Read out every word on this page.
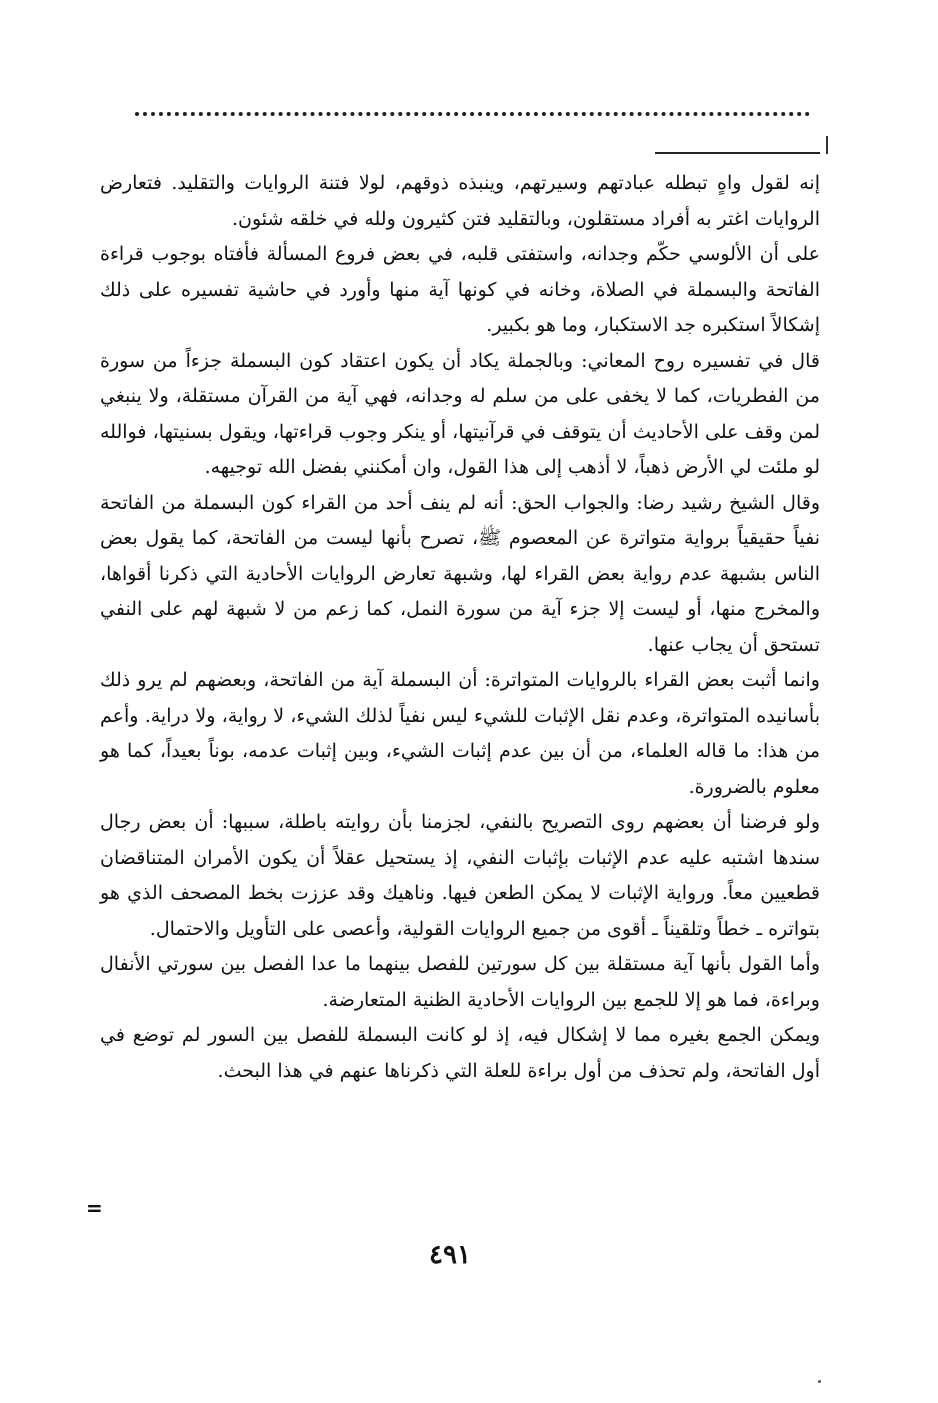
إنه لقول واهٍ تبطله عبادتهم وسيرتهم، وينبذه ذوقهم، لولا فتنة الروايات والتقليد. فتعارض الروايات اغتر به أفراد مستقلون، وبالتقليد فتن كثيرون ولله في خلقه شئون.

على أن الألوسي حكّم وجدانه، واستفتى قلبه، في بعض فروع المسألة فأفتاه بوجوب قراءة الفاتحة والبسملة في الصلاة، وخانه في كونها آية منها وأورد في حاشية تفسيره على ذلك إشكالاً استكبره جد الاستكبار، وما هو بكبير.

قال في تفسيره روح المعاني: وبالجملة يكاد أن يكون اعتقاد كون البسملة جزءاً من سورة من الفطريات، كما لا يخفى على من سلم له وجدانه، فهي آية من القرآن مستقلة، ولا ينبغي لمن وقف على الأحاديث أن يتوقف في قرآنيتها، أو ينكر وجوب قراءتها، ويقول بسنيتها، فوالله لو ملئت لي الأرض ذهباً، لا أذهب إلى هذا القول، وان أمكنني بفضل الله توجيهه.

وقال الشيخ رشيد رضا: والجواب الحق: أنه لم ينف أحد من القراء كون البسملة من الفاتحة نفياً حقيقياً برواية متواترة عن المعصوم ﷺ، تصرح بأنها ليست من الفاتحة، كما يقول بعض الناس بشبهة عدم رواية بعض القراء لها، وشبهة تعارض الروايات الأحادية التي ذكرنا أقواها، والمخرج منها، أو ليست إلا جزء آية من سورة النمل، كما زعم من لا شبهة لهم على النفي تستحق أن يجاب عنها.

وانما أثبت بعض القراء بالروايات المتواترة: أن البسملة آية من الفاتحة، وبعضهم لم يرو ذلك بأسانيده المتواترة، وعدم نقل الإثبات للشيء ليس نفياً لذلك الشيء، لا رواية، ولا دراية. وأعم من هذا: ما قاله العلماء، من أن بين عدم إثبات الشيء، وبين إثبات عدمه، بوناً بعيداً، كما هو معلوم بالضرورة.

ولو فرضنا أن بعضهم روى التصريح بالنفي، لجزمنا بأن روايته باطلة، سببها: أن بعض رجال سندها اشتبه عليه عدم الإثبات بإثبات النفي، إذ يستحيل عقلاً أن يكون الأمران المتناقضان قطعيين معاً. ورواية الإثبات لا يمكن الطعن فيها. وناهيك وقد عززت بخط المصحف الذي هو بتواتره ـ خطاً وتلقيناً ـ أقوى من جميع الروايات القولية، وأعصى على التأويل والاحتمال.

وأما القول بأنها آية مستقلة بين كل سورتين للفصل بينهما ما عدا الفصل بين سورتي الأنفال وبراءة، فما هو إلا للجمع بين الروايات الأحادية الظنية المتعارضة.

ويمكن الجمع بغيره مما لا إشكال فيه، إذ لو كانت البسملة للفصل بين السور لم توضع في أول الفاتحة، ولم تحذف من أول براءة للعلة التي ذكرناها عنهم في هذا البحث.

=
٤٩١
